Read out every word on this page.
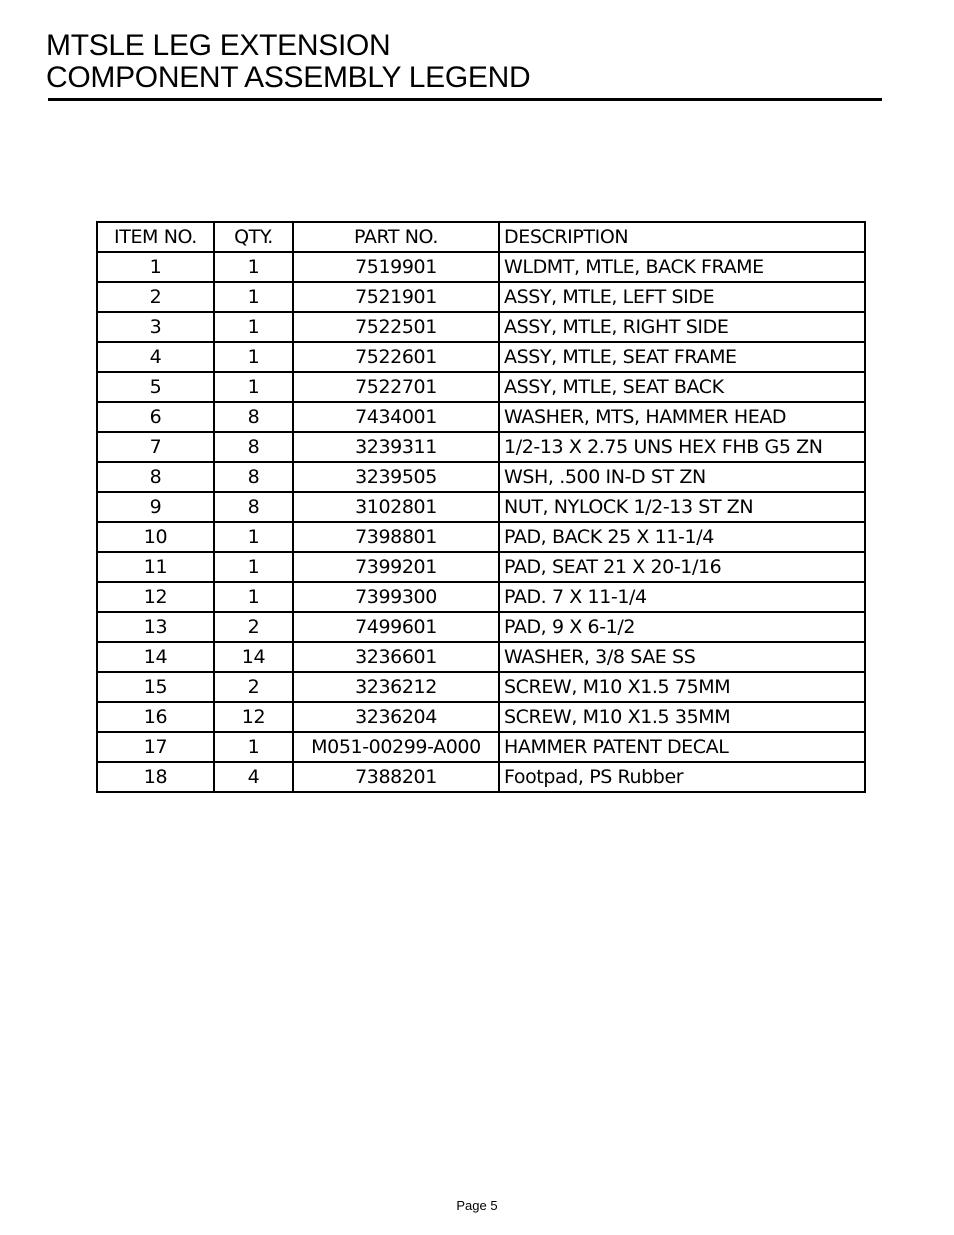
MTSLE LEG EXTENSION
COMPONENT ASSEMBLY LEGEND
ITEM NO.	QTY.	PART NO.	DESCRIPTION
1	1	7519901	WLDMT, MTLE, BACK FRAME
2	1	7521901	ASSY, MTLE, LEFT SIDE
3	1	7522501	ASSY, MTLE, RIGHT SIDE
4	1	7522601	ASSY, MTLE, SEAT FRAME
5	1	7522701	ASSY, MTLE, SEAT BACK
6	8	7434001	WASHER, MTS, HAMMER HEAD
7	8	3239311	1/2-13 X 2.75 UNS HEX FHB G5 ZN
8	8	3239505	WSH, .500 IN-D ST ZN
9	8	3102801	NUT, NYLOCK 1/2-13 ST ZN
10	1	7398801	PAD, BACK 25 X 11-1/4
11	1	7399201	PAD, SEAT 21 X 20-1/16
12	1	7399300	PAD. 7 X 11-1/4
13	2	7499601	PAD, 9 X 6-1/2
14	14	3236601	WASHER, 3/8 SAE SS
15	2	3236212	SCREW, M10 X1.5 75MM
16	12	3236204	SCREW, M10 X1.5 35MM
17	1	M051-00299-A000	HAMMER PATENT DECAL
18	4	7388201	Footpad, PS Rubber
Page 5
